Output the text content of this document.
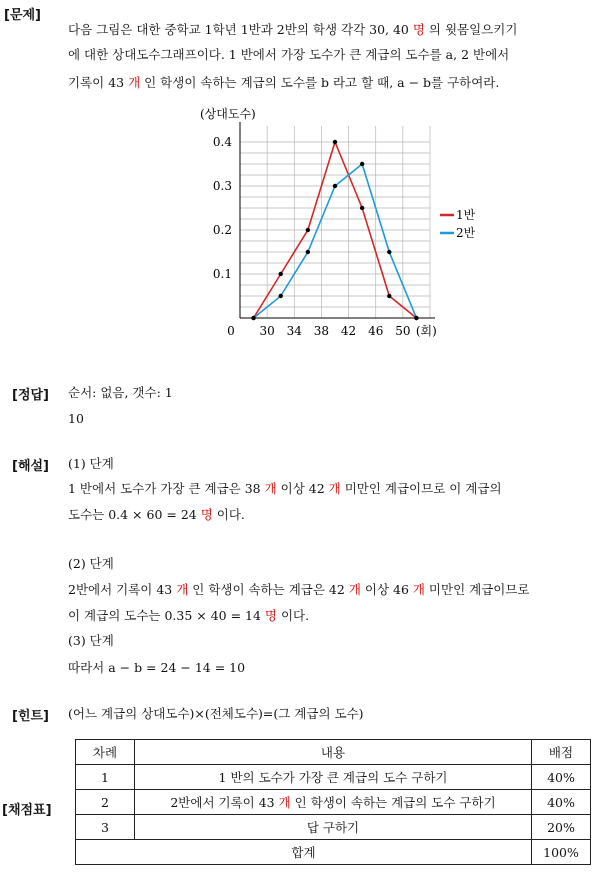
[문제]
다음 그림은 대한 중학교 1학년 1반과 2반의 학생 각각 30, 40 명 의 윗몸일으키기
에 대한 상대도수그래프이다. 1 반에서 가장 도수가 큰 계급의 도수를 a, 2 반에서
기록이 43 개 인 학생이 속하는 계급의 도수를 b 라고 할 때, a − b를 구하여라.
(상대도수)
0.1
0.2
0.3
0.4
0 30 34 38 42 46 50 (회)
1반
2반
[정답] 순서: 없음, 갯수: 1
10
[해설] (1) 단계
1 반에서 도수가 가장 큰 계급은 38 개 이상 42 개 미만인 계급이므로 이 계급의
도수는 0.4 × 60 = 24 명 이다.
(2) 단계
2반에서 기록이 43 개 인 학생이 속하는 계급은 42 개 이상 46 개 미만인 계급이므로
이 계급의 도수는 0.35 × 40 = 14 명 이다.
(3) 단계
따라서 a − b = 24 − 14 = 10
[힌트] (어느 계급의 상대도수)×(전체도수)=(그 계급의 도수)
[채점표]
차례	내용	배점
1	1 반의 도수가 가장 큰 계급의 도수 구하기	40%
2	2반에서 기록이 43 개 인 학생이 속하는 계급의 도수 구하기	40%
3	답 구하기	20%
합계		100%
